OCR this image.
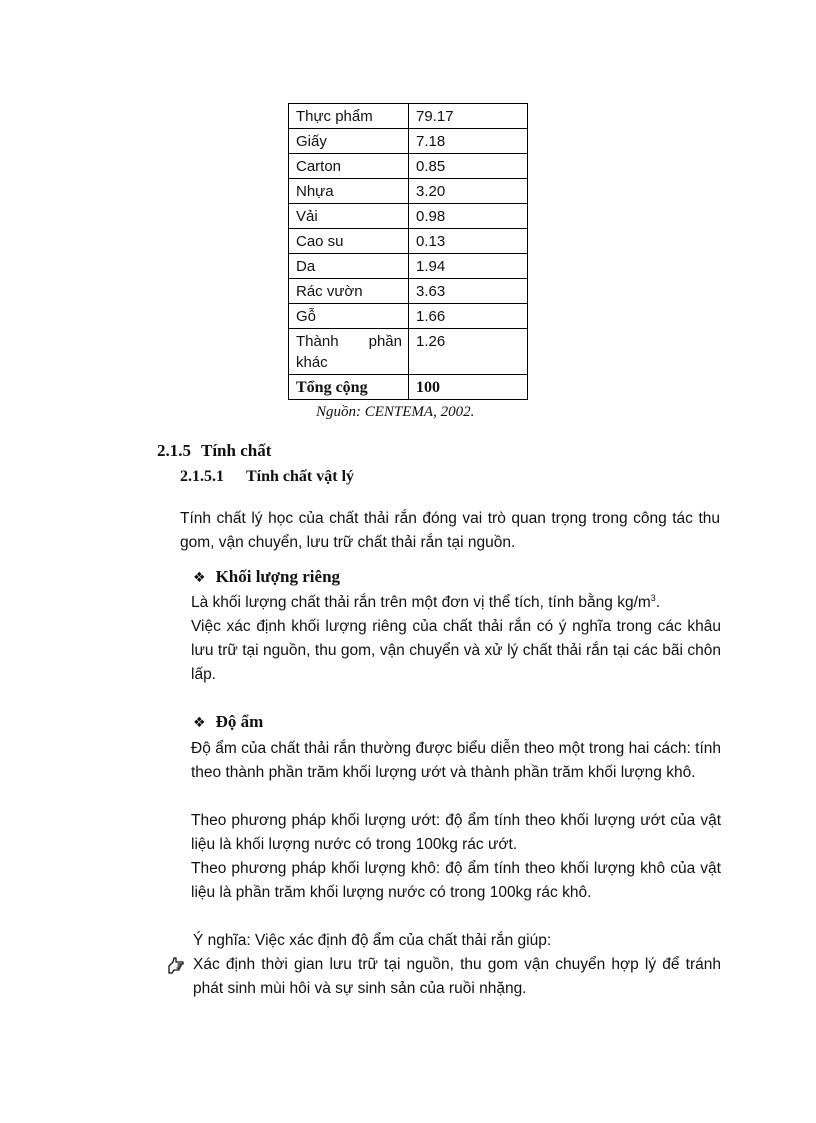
Thực phẩm	79.17
Giấy	7.18
Carton	0.85
Nhựa	3.20
Vải	0.98
Cao su	0.13
Da	1.94
Rác vườn	3.63
Gỗ	1.66
Thành phần khác	1.26
Tổng cộng	100
Nguồn: CENTEMA, 2002.
2.1.5 Tính chất
2.1.5.1 Tính chất vật lý
Tính chất lý học của chất thải rắn đóng vai trò quan trọng trong công tác thu gom, vận chuyển, lưu trữ chất thải rắn tại nguồn.
❖ Khối lượng riêng
Là khối lượng chất thải rắn trên một đơn vị thể tích, tính bằng $kg/m^3$.
Việc xác định khối lượng riêng của chất thải rắn có ý nghĩa trong các khâu lưu trữ tại nguồn, thu gom, vận chuyển và xử lý chất thải rắn tại các bãi chôn lấp.
❖ Độ ẩm
Độ ẩm của chất thải rắn thường được biểu diễn theo một trong hai cách: tính theo thành phần trăm khối lượng ướt và thành phần trăm khối lượng khô.
Theo phương pháp khối lượng ướt: độ ẩm tính theo khối lượng ướt của vật liệu là khối lượng nước có trong 100kg rác ướt.
Theo phương pháp khối lượng khô: độ ẩm tính theo khối lượng khô của vật liệu là phần trăm khối lượng nước có trong 100kg rác khô.
Ý nghĩa: Việc xác định độ ẩm của chất thải rắn giúp:
Xác định thời gian lưu trữ tại nguồn, thu gom vận chuyển hợp lý để tránh phát sinh mùi hôi và sự sinh sản của ruồi nhặng.
